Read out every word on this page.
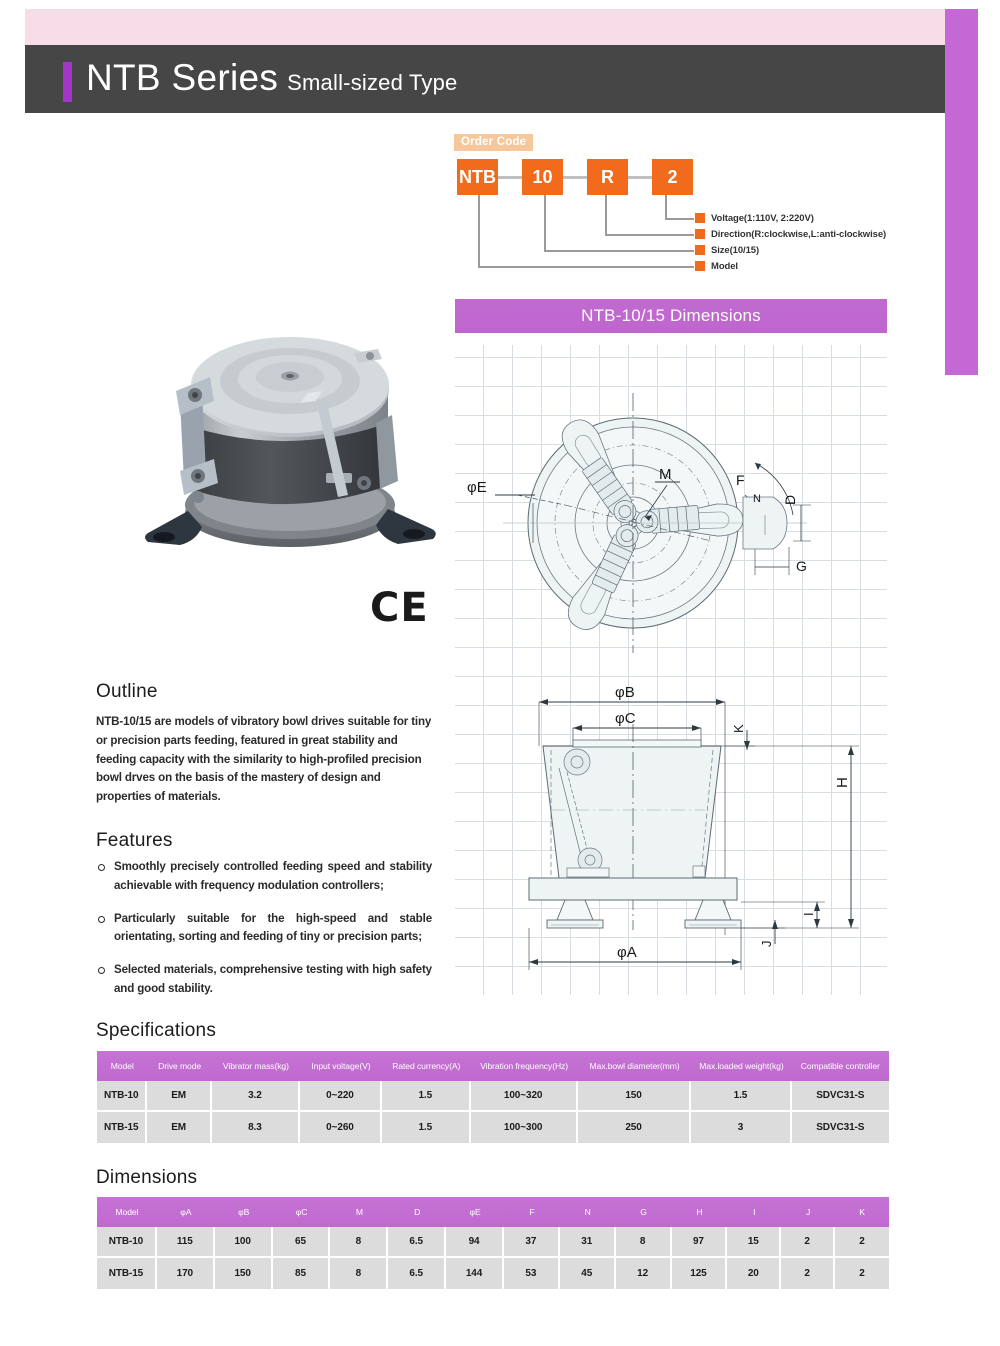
NTB Series Small-sized Type
Order Code
NTB	10	R	2
Voltage(1:110V, 2:220V)
Direction(R:clockwise,L:anti-clockwise)
Size(10/15)
Model
NTB-10/15 Dimensions
φE
M	F
N D
G
φB
φC
K
H
I
J
φA
CE
Outline
NTB-10/15 are models of vibratory bowl drives suitable for tiny or precision parts feeding, featured in great stability and feeding capacity with the similarity to high-profiled precision bowl drves on the basis of the mastery of design and properties of materials.
Features
Smoothly precisely controlled feeding speed and stability achievable with frequency modulation controllers;
Particularly suitable for the high-speed and stable orientating, sorting and feeding of tiny or precision parts;
Selected materials, comprehensive testing with high safety and good stability.
Specifications
Model	Drive mode	Vibrator mass(kg)	Input voltage(V)	Rated currency(A)	Vibration frequency(Hz)	Max.bowl diameter(mm)	Max.loaded weight(kg)	Compatible controller
NTB-10	EM	3.2	0~220	1.5	100~320	150	1.5	SDVC31-S
NTB-15	EM	8.3	0~260	1.5	100~300	250	3	SDVC31-S
Dimensions
Model	φA	φB	φC	M	D	φE	F	N	G	H	I	J	K
NTB-10	115	100	65	8	6.5	94	37	31	8	97	15	2	2
NTB-15	170	150	85	8	6.5	144	53	45	12	125	20	2	2
